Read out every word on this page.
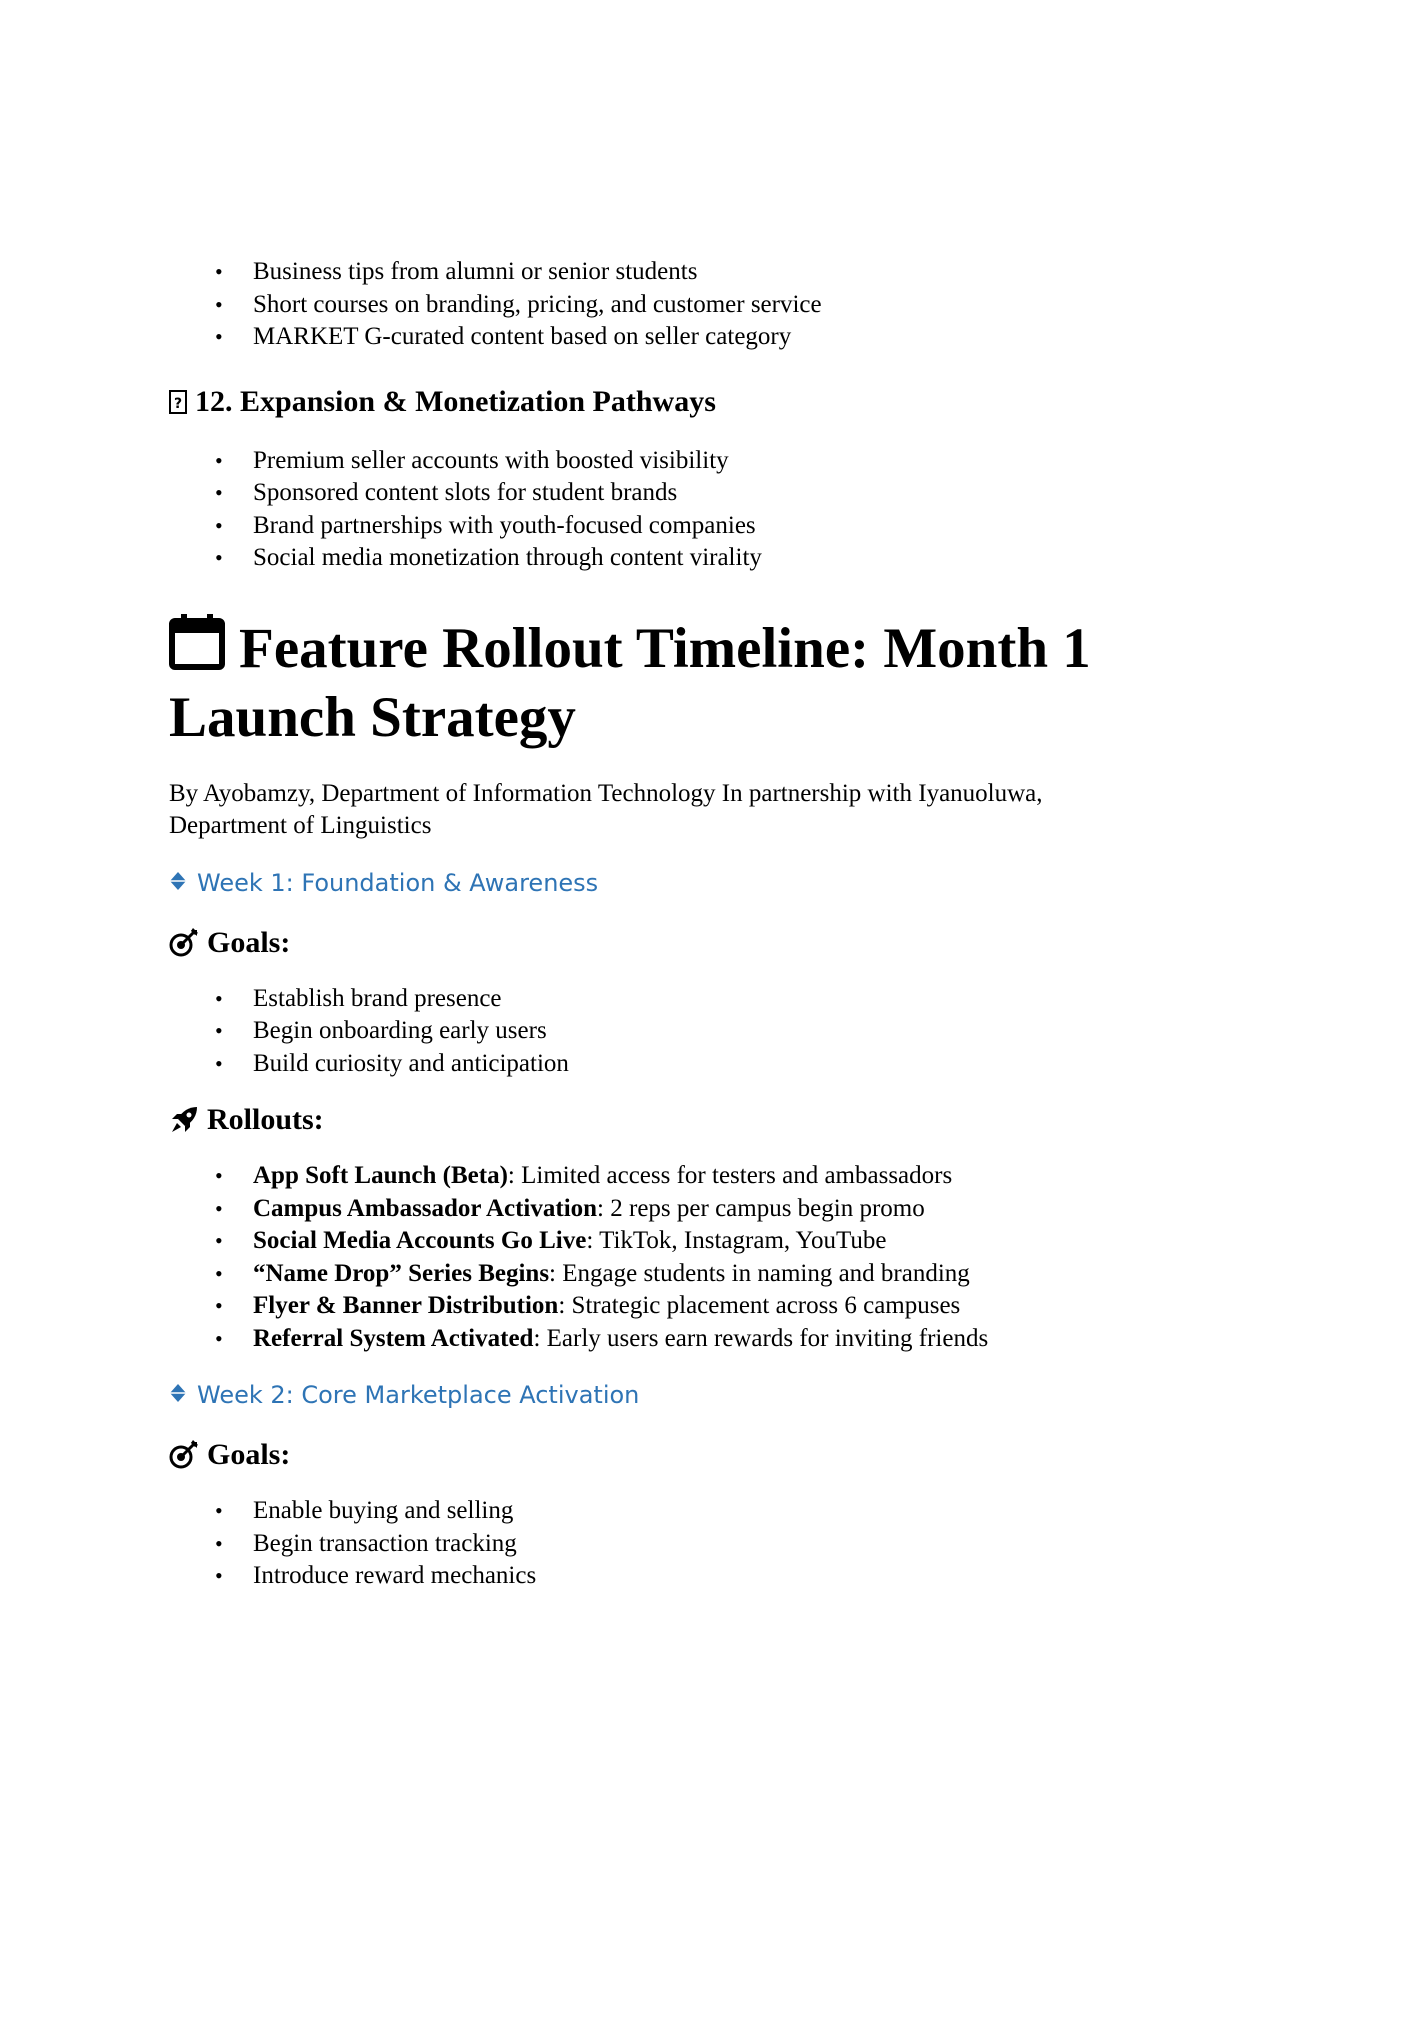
• Business tips from alumni or senior students
• Short courses on branding, pricing, and customer service
• MARKET G-curated content based on seller category
? 12. Expansion & Monetization Pathways
• Premium seller accounts with boosted visibility
• Sponsored content slots for student brands
• Brand partnerships with youth-focused companies
• Social media monetization through content virality
Feature Rollout Timeline: Month 1
Launch Strategy
By Ayobamzy, Department of Information Technology In partnership with Iyanuoluwa,
Department of Linguistics
Week 1: Foundation & Awareness
Goals:
• Establish brand presence
• Begin onboarding early users
• Build curiosity and anticipation
Rollouts:
• App Soft Launch (Beta): Limited access for testers and ambassadors
• Campus Ambassador Activation: 2 reps per campus begin promo
• Social Media Accounts Go Live: TikTok, Instagram, YouTube
• “Name Drop” Series Begins: Engage students in naming and branding
• Flyer & Banner Distribution: Strategic placement across 6 campuses
• Referral System Activated: Early users earn rewards for inviting friends
Week 2: Core Marketplace Activation
Goals:
• Enable buying and selling
• Begin transaction tracking
• Introduce reward mechanics
